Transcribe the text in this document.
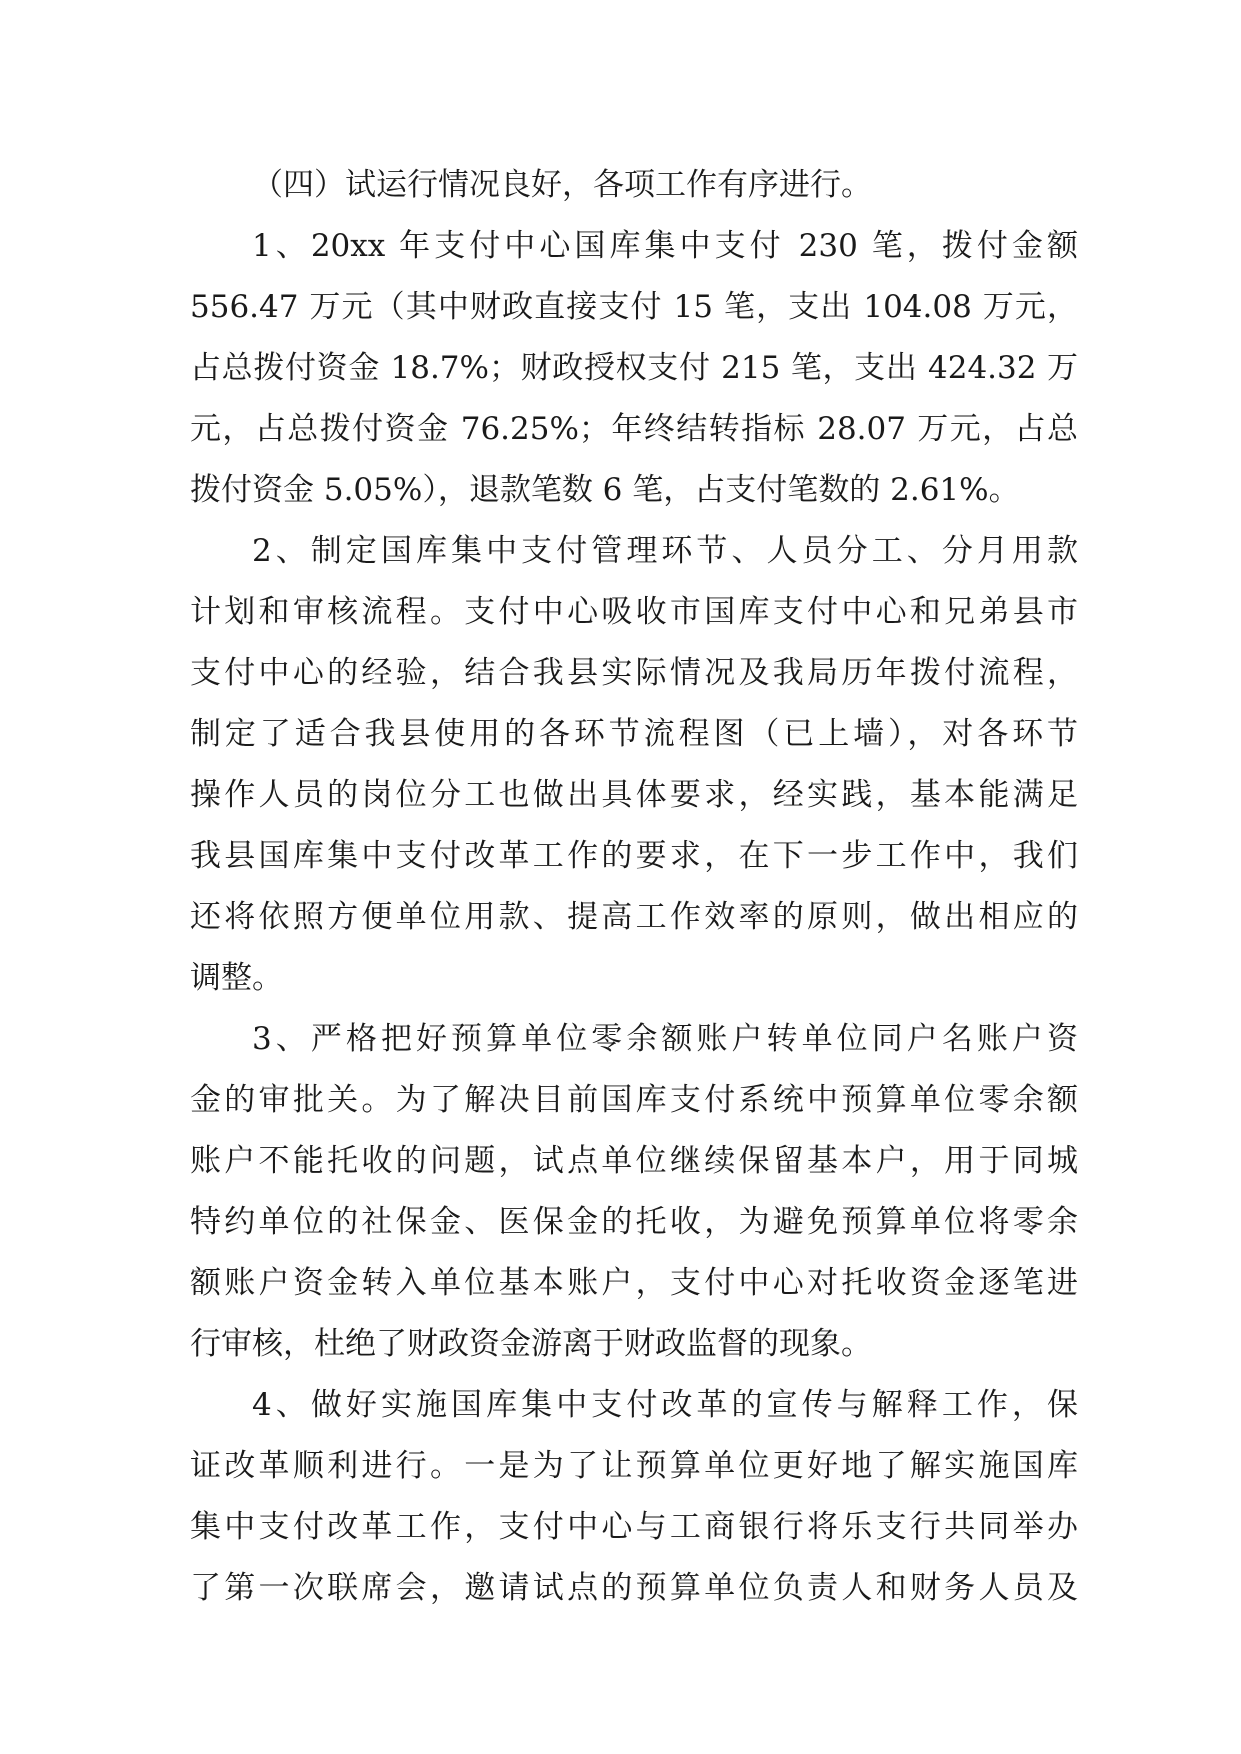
（四）试运行情况良好，各项工作有序进行。
1、20xx 年支付中心国库集中支付 230 笔，拨付金额
556.47 万元（其中财政直接支付 15 笔，支出 104.08 万元，
占总拨付资金 18.7%；财政授权支付 215 笔，支出 424.32 万
元，占总拨付资金 76.25%；年终结转指标 28.07 万元，占总
拨付资金 5.05%），退款笔数 6 笔，占支付笔数的 2.61%。
2、制定国库集中支付管理环节、人员分工、分月用款
计划和审核流程。支付中心吸收市国库支付中心和兄弟县市
支付中心的经验，结合我县实际情况及我局历年拨付流程，
制定了适合我县使用的各环节流程图（已上墙），对各环节
操作人员的岗位分工也做出具体要求，经实践，基本能满足
我县国库集中支付改革工作的要求，在下一步工作中，我们
还将依照方便单位用款、提高工作效率的原则，做出相应的
调整。
3、严格把好预算单位零余额账户转单位同户名账户资
金的审批关。为了解决目前国库支付系统中预算单位零余额
账户不能托收的问题，试点单位继续保留基本户，用于同城
特约单位的社保金、医保金的托收，为避免预算单位将零余
额账户资金转入单位基本账户，支付中心对托收资金逐笔进
行审核，杜绝了财政资金游离于财政监督的现象。
4、做好实施国库集中支付改革的宣传与解释工作，保
证改革顺利进行。一是为了让预算单位更好地了解实施国库
集中支付改革工作，支付中心与工商银行将乐支行共同举办
了第一次联席会，邀请试点的预算单位负责人和财务人员及
